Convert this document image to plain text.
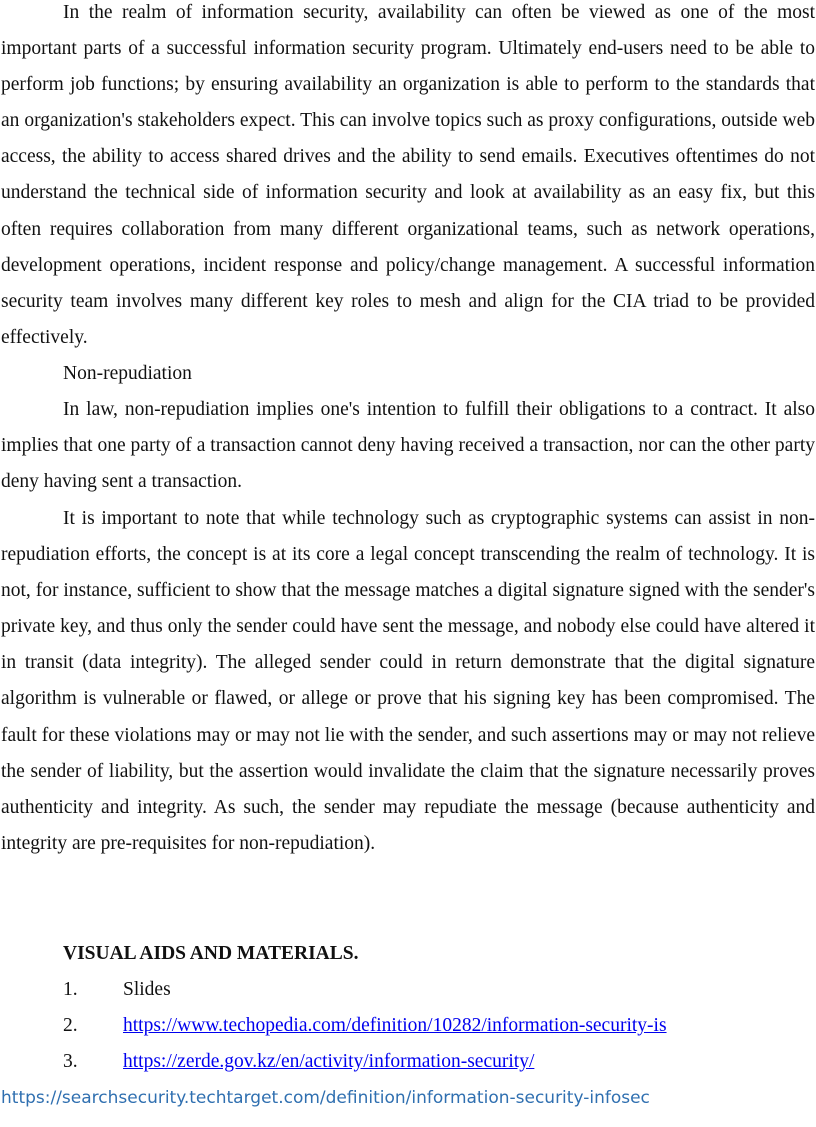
In the realm of information security, availability can often be viewed as one of the most important parts of a successful information security program. Ultimately end-users need to be able to perform job functions; by ensuring availability an organization is able to perform to the standards that an organization's stakeholders expect. This can involve topics such as proxy configurations, outside web access, the ability to access shared drives and the ability to send emails. Executives oftentimes do not understand the technical side of information security and look at availability as an easy fix, but this often requires collaboration from many different organizational teams, such as network operations, development operations, incident response and policy/change management. A successful information security team involves many different key roles to mesh and align for the CIA triad to be provided effectively.

Non-repudiation

In law, non-repudiation implies one's intention to fulfill their obligations to a contract. It also implies that one party of a transaction cannot deny having received a transaction, nor can the other party deny having sent a transaction.

It is important to note that while technology such as cryptographic systems can assist in non-repudiation efforts, the concept is at its core a legal concept transcending the realm of technology. It is not, for instance, sufficient to show that the message matches a digital signature signed with the sender's private key, and thus only the sender could have sent the message, and nobody else could have altered it in transit (data integrity). The alleged sender could in return demonstrate that the digital signature algorithm is vulnerable or flawed, or allege or prove that his signing key has been compromised. The fault for these violations may or may not lie with the sender, and such assertions may or may not relieve the sender of liability, but the assertion would invalidate the claim that the signature necessarily proves authenticity and integrity. As such, the sender may repudiate the message (because authenticity and integrity are pre-requisites for non-repudiation).

VISUAL AIDS AND MATERIALS.

1. Slides
2. https://www.techopedia.com/definition/10282/information-security-is
3. https://zerde.gov.kz/en/activity/information-security/
https://searchsecurity.techtarget.com/definition/information-security-infosec
